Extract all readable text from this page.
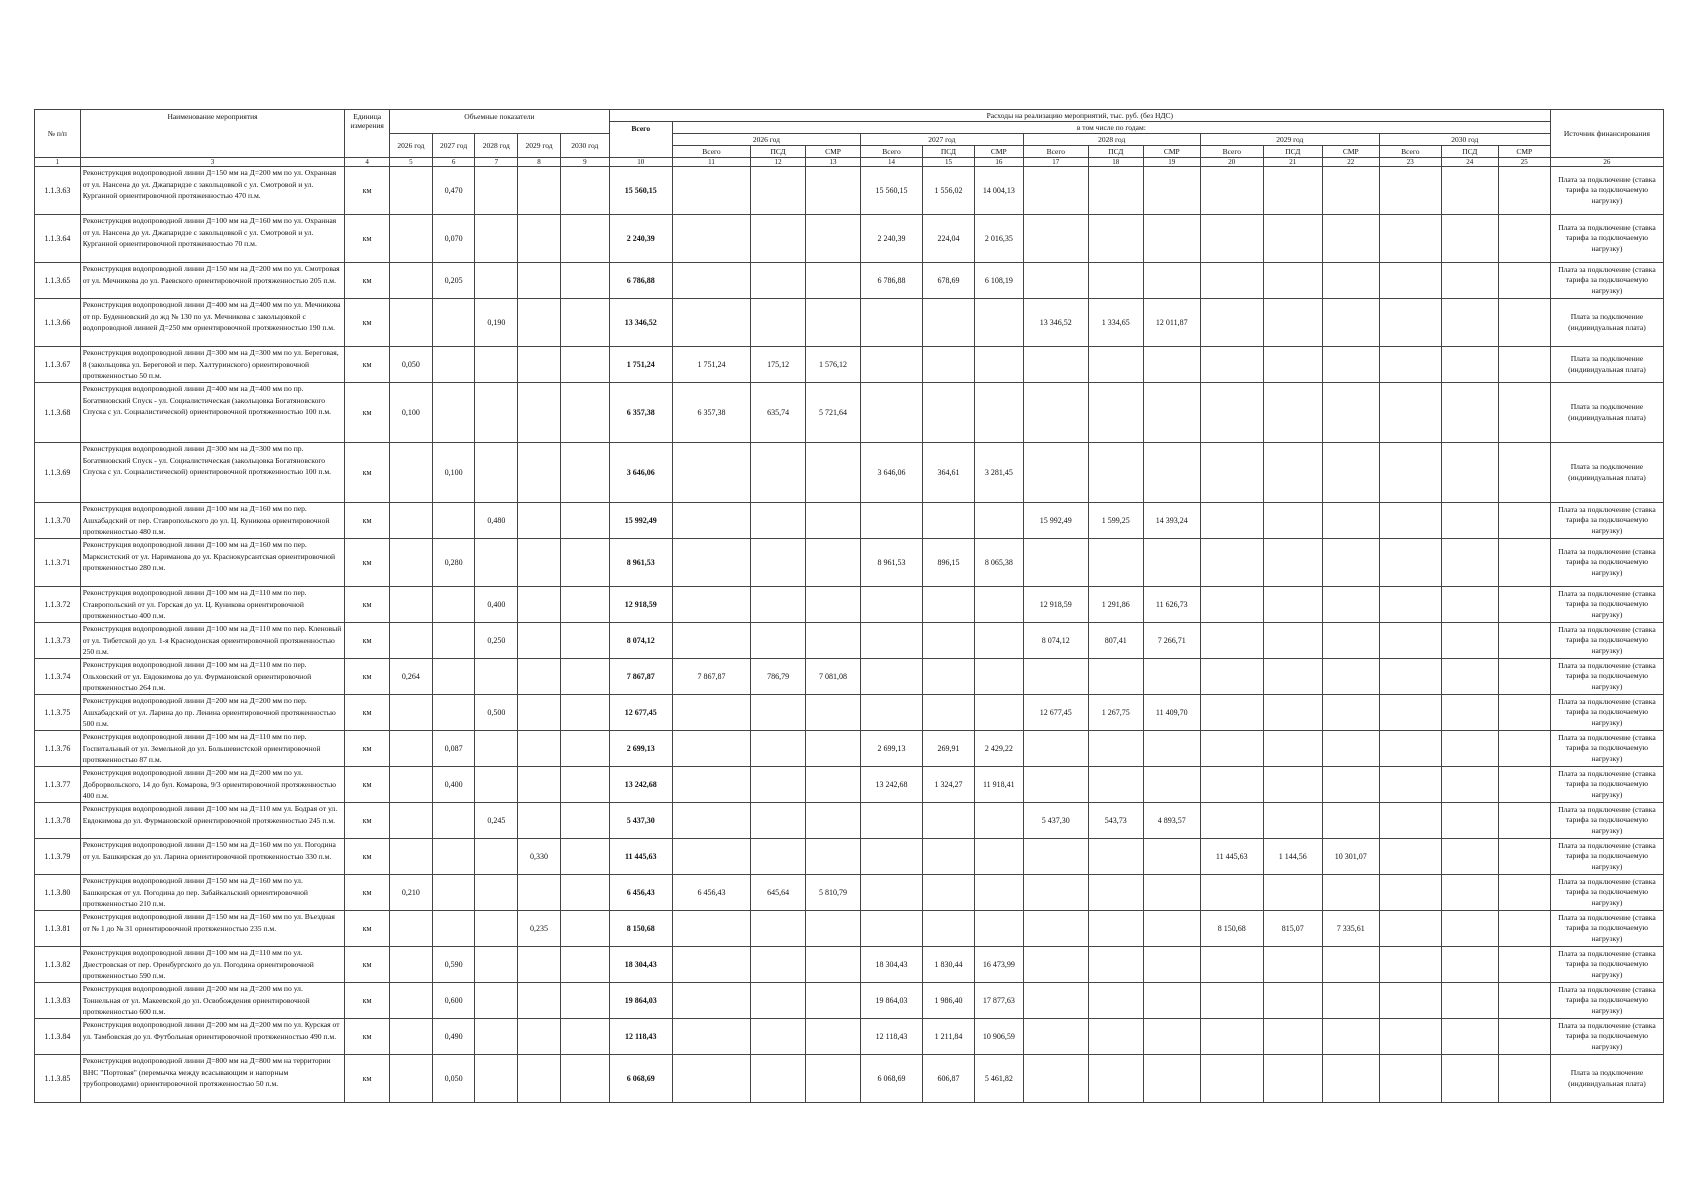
№ п/п	Наименование мероприятия	Единица измерения	Объемные показатели					Расходы на реализацию мероприятий, тыс. руб. (без НДС)																Источник финансирования
								Всего	в том числе по годам:															
			2026 год	2027 год	2028 год	2029 год	2030 год		2026 год			2027 год			2028 год			2029 год			2030 год			
									Всего	ПСД	СМР	Всего	ПСД	СМР	Всего	ПСД	СМР	Всего	ПСД	СМР	Всего	ПСД	СМР	
1	3	4	5	6	7	8	9	10	11	12	13	14	15	16	17	18	19	20	21	22	23	24	25	26
1.1.3.63	Реконструкция водопроводной линии Д=150 мм на Д=200 мм по ул. Охранная от ул. Нансена до ул. Джапаридзе с закольцовкой с ул. Смотровой и ул. Курганной ориентировочной протяженностью 470 п.м.	км		0,470				15 560,15				15 560,15	1 556,02	14 004,13										Плата за подключение (ставка тарифа за подключаемую нагрузку)
1.1.3.64	Реконструкция водопроводной линии Д=100 мм на Д=160 мм по ул. Охранная от ул. Нансена до ул. Джапаридзе с закольцовкой с ул. Смотровой и ул. Курганной ориентировочной протяженностью 70 п.м.	км		0,070				2 240,39				2 240,39	224,04	2 016,35										Плата за подключение (ставка тарифа за подключаемую нагрузку)
1.1.3.65	Реконструкция водопроводной линии Д=150 мм на Д=200 мм по ул. Смотровая от ул. Мечникова до ул. Раевского ориентировочной протяженностью 205 п.м.	км		0,205				6 786,88				6 786,88	678,69	6 108,19										Плата за подключение (ставка тарифа за подключаемую нагрузку)
1.1.3.66	Реконструкция водопроводной линии Д=400 мм на Д=400 мм по ул. Мечникова от пр. Буденновский до жд № 130 по ул. Мечникова с закольцовкой с водопроводной линией Д=250 мм ориентировочной протяженностью 190 п.м.	км			0,190			13 346,52							13 346,52	1 334,65	12 011,87							Плата за подключение (индивидуальная плата)
1.1.3.67	Реконструкция водопроводной линии Д=300 мм на Д=300 мм по ул. Береговая, 8 (закольцовка ул. Береговой и пер. Халтуринского) ориентировочной протяженностью 50 п.м.	км	0,050					1 751,24	1 751,24	175,12	1 576,12													Плата за подключение (индивидуальная плата)
1.1.3.68	Реконструкция водопроводной линии Д=400 мм на Д=400 мм по пр. Богатяновский Спуск - ул. Социалистическая (закольцовка Богатяновского Спуска с ул. Социалистической) ориентировочной протяженностью 100 п.м.	км	0,100					6 357,38	6 357,38	635,74	5 721,64													Плата за подключение (индивидуальная плата)
1.1.3.69	Реконструкция водопроводной линии Д=300 мм на Д=300 мм по пр. Богатяновский Спуск - ул. Социалистическая (закольцовка Богатяновского Спуска с ул. Социалистической) ориентировочной протяженностью 100 п.м.	км		0,100				3 646,06				3 646,06	364,61	3 281,45										Плата за подключение (индивидуальная плата)
1.1.3.70	Реконструкция водопроводной линии Д=100 мм на Д=160 мм по пер. Ашхабадский от пер. Ставропольского до ул. Ц. Куникова ориентировочной протяженностью 480 п.м.	км			0,480			15 992,49							15 992,49	1 599,25	14 393,24							Плата за подключение (ставка тарифа за подключаемую нагрузку)
1.1.3.71	Реконструкция водопроводной линии Д=100 мм на Д=160 мм по пер. Марксистский от ул. Нариманова до ул. Краснокурсантская ориентировочной протяженностью 280 п.м.	км		0,280				8 961,53				8 961,53	896,15	8 065,38										Плата за подключение (ставка тарифа за подключаемую нагрузку)
1.1.3.72	Реконструкция водопроводной линии Д=100 мм на Д=110 мм по пер. Ставропольский от ул. Горская до ул. Ц. Куникова ориентировочной протяженностью 400 п.м.	км			0,400			12 918,59							12 918,59	1 291,86	11 626,73							Плата за подключение (ставка тарифа за подключаемую нагрузку)
1.1.3.73	Реконструкция водопроводной линии Д=100 мм на Д=110 мм по пер. Кленовый от ул. Тибетской до ул. 1-я Краснодонская ориентировочной протяженностью 250 п.м.	км			0,250			8 074,12							8 074,12	807,41	7 266,71							Плата за подключение (ставка тарифа за подключаемую нагрузку)
1.1.3.74	Реконструкция водопроводной линии Д=100 мм на Д=110 мм по пер. Ольховский от ул. Евдокимова до ул. Фурмановской ориентировочной протяженностью 264 п.м.	км	0,264					7 867,87	7 867,87	786,79	7 081,08													Плата за подключение (ставка тарифа за подключаемую нагрузку)
1.1.3.75	Реконструкция водопроводной линии Д=200 мм на Д=200 мм по пер. Ашхабадский от ул. Ларина до пр. Ленина ориентировочной протяженностью 500 п.м.	км			0,500			12 677,45							12 677,45	1 267,75	11 409,70							Плата за подключение (ставка тарифа за подключаемую нагрузку)
1.1.3.76	Реконструкция водопроводной линии Д=100 мм на Д=110 мм по пер. Госпитальный от ул. Земельной до ул. Большевистской ориентировочной протяженностью 87 п.м.	км		0,087				2 699,13				2 699,13	269,91	2 429,22										Плата за подключение (ставка тарифа за подключаемую нагрузку)
1.1.3.77	Реконструкция водопроводной линии Д=200 мм на Д=200 мм по ул. Доброрвольского, 14 до бул. Комарова, 9/3 ориентировочной протяженностью 400 п.м.	км		0,400				13 242,68				13 242,68	1 324,27	11 918,41										Плата за подключение (ставка тарифа за подключаемую нагрузку)
1.1.3.78	Реконструкция водопроводной линии Д=100 мм на Д=110 мм ул. Бодрая от ул. Евдокимова до ул. Фурмановской ориентировочной протяженностью 245 п.м.	км			0,245			5 437,30							5 437,30	543,73	4 893,57							Плата за подключение (ставка тарифа за подключаемую нагрузку)
1.1.3.79	Реконструкция водопроводной линии Д=150 мм на Д=160 мм по ул. Погодина от ул. Башкирская до ул. Ларина ориентировочной протяженностью 330 п.м.	км				0,330		11 445,63										11 445,63	1 144,56	10 301,07				Плата за подключение (ставка тарифа за подключаемую нагрузку)
1.1.3.80	Реконструкция водопроводной линии Д=150 мм на Д=160 мм по ул. Башкирская от ул. Погодина до пер. Забайкальский ориентировочной протяженностью 210 п.м.	км	0,210					6 456,43	6 456,43	645,64	5 810,79													Плата за подключение (ставка тарифа за подключаемую нагрузку)
1.1.3.81	Реконструкция водопроводной линии Д=150 мм на Д=160 мм по ул. Въездная от № 1 до № 31 ориентировочной протяженностью 235 п.м.	км				0,235		8 150,68										8 150,68	815,07	7 335,61				Плата за подключение (ставка тарифа за подключаемую нагрузку)
1.1.3.82	Реконструкция водопроводной линии Д=100 мм на Д=110 мм по ул. Днестровская от пер. Оренбургского до ул. Погодина ориентировочной протяженностью 590 п.м.	км		0,590				18 304,43				18 304,43	1 830,44	16 473,99										Плата за подключение (ставка тарифа за подключаемую нагрузку)
1.1.3.83	Реконструкция водопроводной линии Д=200 мм на Д=200 мм по ул. Тоннельная от ул. Макеевской до ул. Освобождения ориентировочной протяженностью 600 п.м.	км		0,600				19 864,03				19 864,03	1 986,40	17 877,63										Плата за подключение (ставка тарифа за подключаемую нагрузку)
1.1.3.84	Реконструкция водопроводной линии Д=200 мм на Д=200 мм по ул. Курская от ул. Тамбовская до ул. Футбольная ориентировочной протяженностью 490 п.м.	км		0,490				12 118,43				12 118,43	1 211,84	10 906,59										Плата за подключение (ставка тарифа за подключаемую нагрузку)
1.1.3.85	Реконструкция водопроводной линии Д=800 мм на Д=800 мм на территории ВНС "Портовая" (перемычка между всасывающим и напорным трубопроводами) ориентировочной протяженностью 50 п.м.	км		0,050				6 068,69				6 068,69	606,87	5 461,82										Плата за подключение (индивидуальная плата)
